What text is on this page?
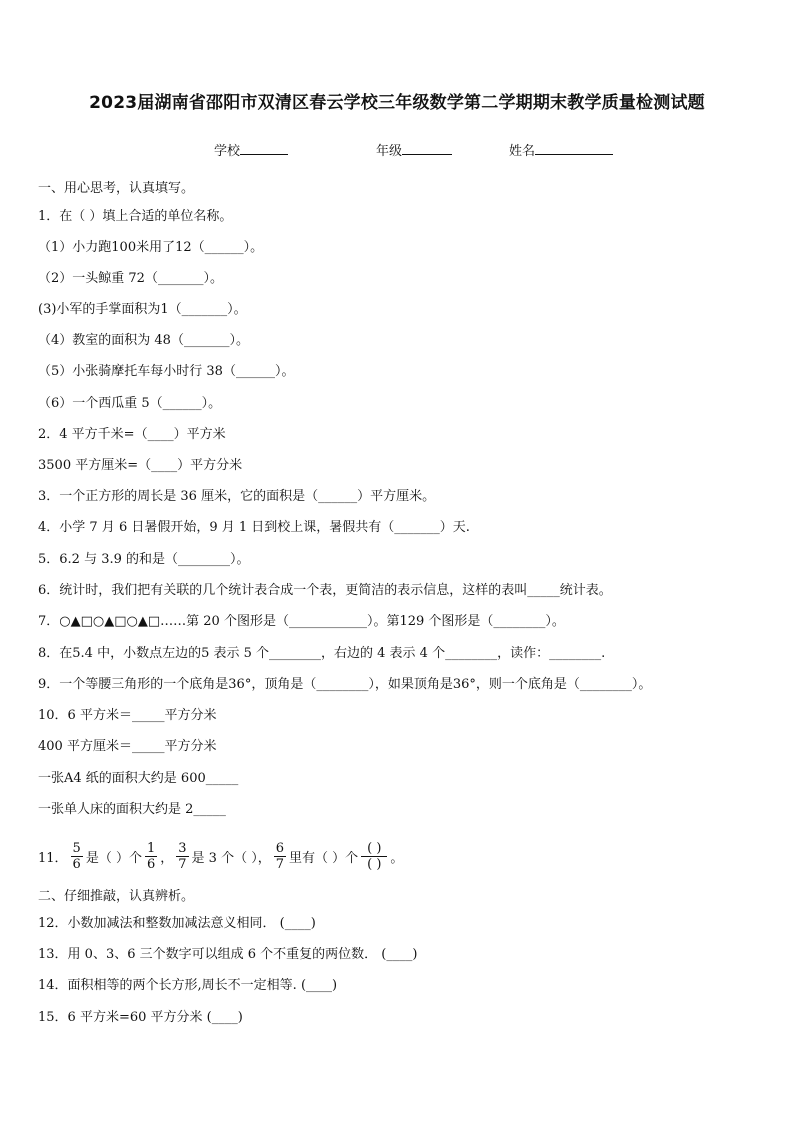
2023届湖南省邵阳市双清区春云学校三年级数学第二学期期末教学质量检测试题
学校	年级	姓名
一、用心思考，认真填写。
1．在（ ）填上合适的单位名称。
（1）小力跑100米用了12（______）。
（2）一头鲸重 72（_______）。
(3)小军的手掌面积为1（_______）。
（4）教室的面积为 48（_______）。
（5）小张骑摩托车每小时行 38（______）。
（6）一个西瓜重 5（______）。
2．4 平方千米=（____）平方米
3500 平方厘米=（____）平方分米
3．一个正方形的周长是 36 厘米，它的面积是（______）平方厘米。
4．小学 7 月 6 日暑假开始，9 月 1 日到校上课，暑假共有（_______）天.
5．6.2 与 3.9 的和是（________）。
6．统计时，我们把有关联的几个统计表合成一个表，更简洁的表示信息，这样的表叫_____统计表。
7．○▲□○▲□○▲□……第 20 个图形是（____________）。第129 个图形是（________）。
8．在5.4 中，小数点左边的5 表示 5 个________，右边的 4 表示 4 个________，读作：________.
9．一个等腰三角形的一个底角是36°，顶角是（________），如果顶角是36°，则一个底角是（________）。
10．6 平方米＝_____平方分米
400 平方厘米＝_____平方分米
一张A4 纸的面积大约是 600_____
一张单人床的面积大约是 2_____
11． $\frac{5}{6}$ 是（ ）个 $\frac{1}{6}$ ， $\frac{3}{7}$ 是 3 个（ ）， $\frac{6}{7}$ 里有（ ）个 $\frac{( )}{( )}$ 。
二、仔细推敲，认真辨析。
12．小数加减法和整数加减法意义相同． (____)
13．用 0、3、6 三个数字可以组成 6 个不重复的两位数． (____)
14．面积相等的两个长方形,周长不一定相等. (____)
15．6 平方米=60 平方分米 (____)
